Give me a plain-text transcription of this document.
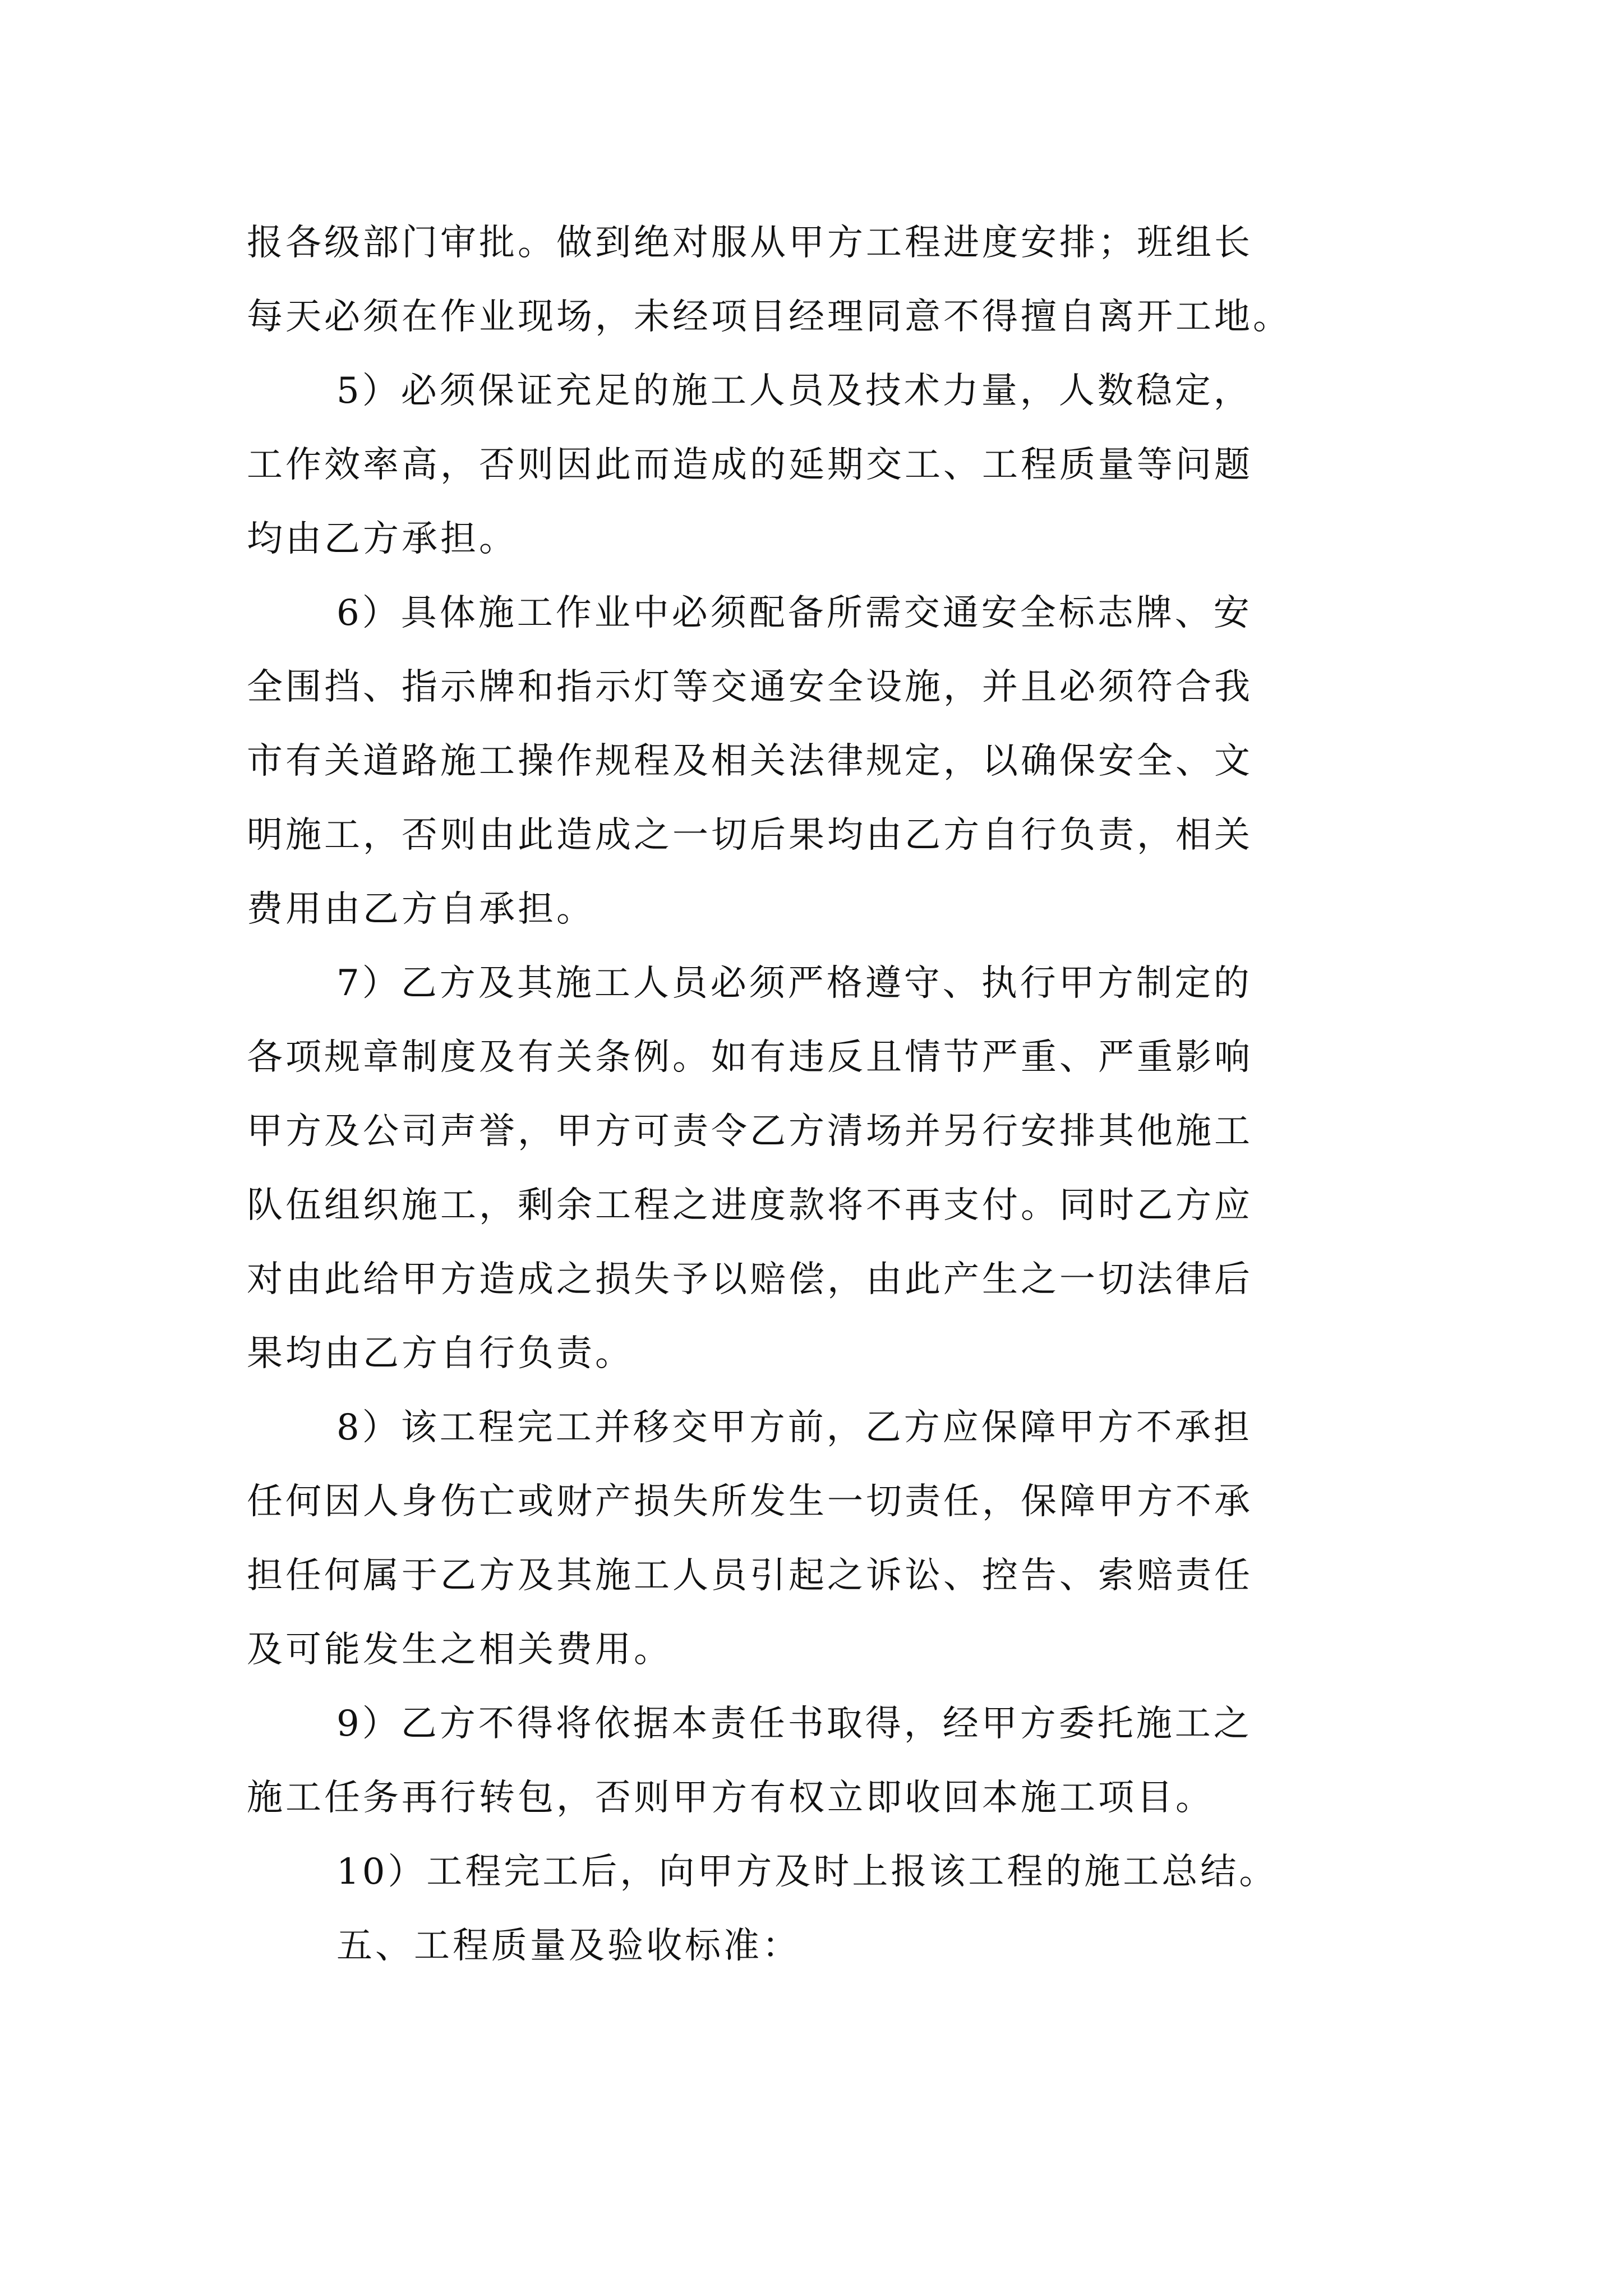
报各级部门审批。做到绝对服从甲方工程进度安排；班组长
每天必须在作业现场，未经项目经理同意不得擅自离开工地。
5）必须保证充足的施工人员及技术力量，人数稳定，
工作效率高，否则因此而造成的延期交工、工程质量等问题
均由乙方承担。
6）具体施工作业中必须配备所需交通安全标志牌、安
全围挡、指示牌和指示灯等交通安全设施，并且必须符合我
市有关道路施工操作规程及相关法律规定，以确保安全、文
明施工，否则由此造成之一切后果均由乙方自行负责，相关
费用由乙方自承担。
7）乙方及其施工人员必须严格遵守、执行甲方制定的
各项规章制度及有关条例。如有违反且情节严重、严重影响
甲方及公司声誉，甲方可责令乙方清场并另行安排其他施工
队伍组织施工，剩余工程之进度款将不再支付。同时乙方应
对由此给甲方造成之损失予以赔偿，由此产生之一切法律后
果均由乙方自行负责。
8）该工程完工并移交甲方前，乙方应保障甲方不承担
任何因人身伤亡或财产损失所发生一切责任，保障甲方不承
担任何属于乙方及其施工人员引起之诉讼、控告、索赔责任
及可能发生之相关费用。
9）乙方不得将依据本责任书取得，经甲方委托施工之
施工任务再行转包，否则甲方有权立即收回本施工项目。
10）工程完工后，向甲方及时上报该工程的施工总结。
五、工程质量及验收标准：
